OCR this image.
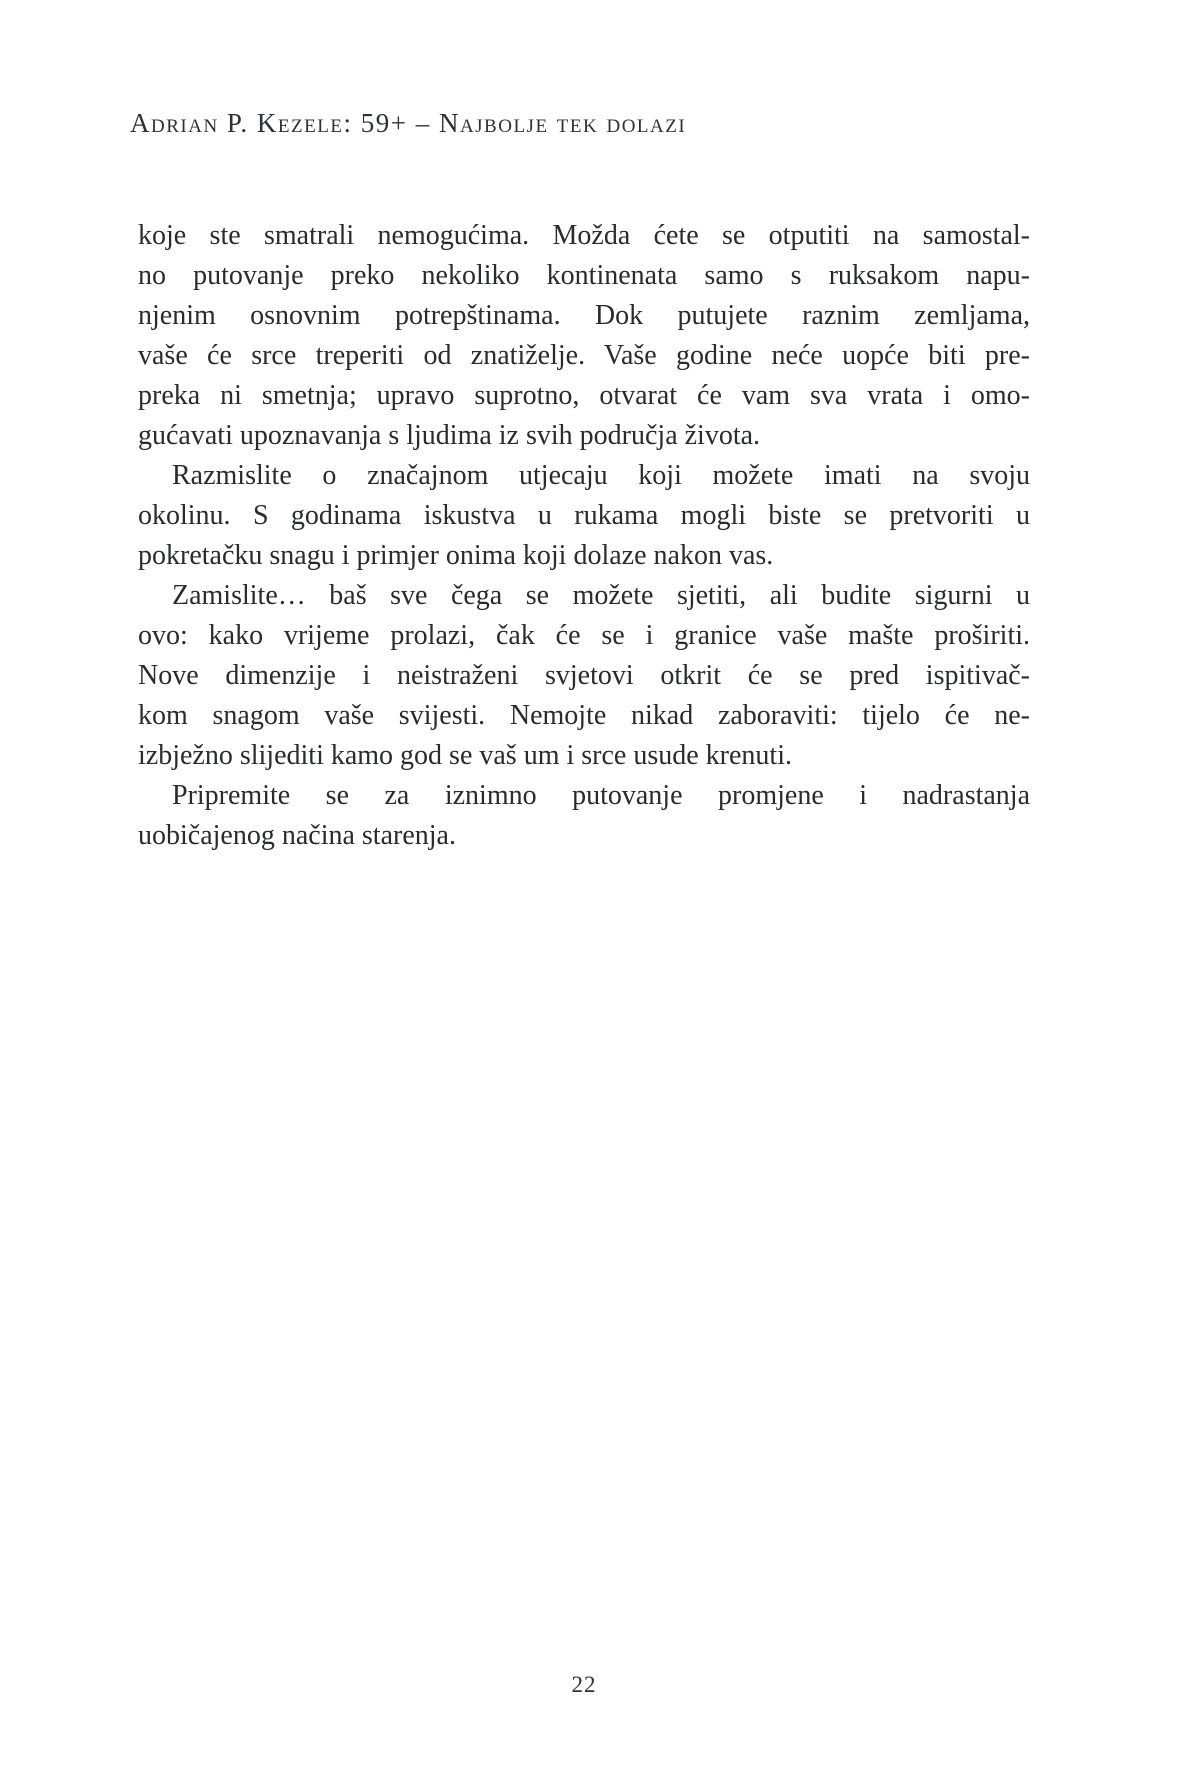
Adrian P. Kezele: 59+ – Najbolje tek dolazi
koje ste smatrali nemogućima. Možda ćete se otputiti na samostal-
no putovanje preko nekoliko kontinenata samo s ruksakom napu-
njenim osnovnim potrepštinama. Dok putujete raznim zemljama,
vaše će srce treperiti od znatiželje. Vaše godine neće uopće biti pre-
preka ni smetnja; upravo suprotno, otvarat će vam sva vrata i omo-
gućavati upoznavanja s ljudima iz svih područja života.
Razmislite o značajnom utjecaju koji možete imati na svoju
okolinu. S godinama iskustva u rukama mogli biste se pretvoriti u
pokretačku snagu i primjer onima koji dolaze nakon vas.
Zamislite… baš sve čega se možete sjetiti, ali budite sigurni u
ovo: kako vrijeme prolazi, čak će se i granice vaše mašte proširiti.
Nove dimenzije i neistraženi svjetovi otkrit će se pred ispitivač-
kom snagom vaše svijesti. Nemojte nikad zaboraviti: tijelo će ne-
izbježno slijediti kamo god se vaš um i srce usude krenuti.
Pripremite se za iznimno putovanje promjene i nadrastanja
uobičajenog načina starenja.
22
